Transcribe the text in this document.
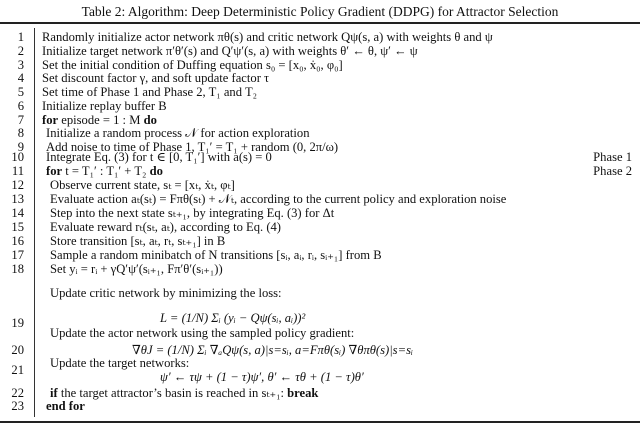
Table 2: Algorithm: Deep Deterministic Policy Gradient (DDPG) for Attractor Selection
1 Randomly initialize actor network πθ(s) and critic network Qψ(s, a) with weights θ and ψ
2 Initialize target network π′θ′(s) and Q′ψ′(s, a) with weights θ′ ← θ, ψ′ ← ψ
3 Set the initial condition of Duffing equation s₀ = [x₀, ẋ₀, φ₀]
4 Set discount factor γ, and soft update factor τ
5 Set time of Phase 1 and Phase 2, T₁ and T₂
6 Initialize replay buffer B
7 for episode = 1 : M do
8 Initialize a random process 𝒩 for action exploration
9 Add noise to time of Phase 1, T₁′ = T₁ + random (0, 2π/ω)
10 Integrate Eq. (3) for t ∈ [0, T₁′] with a(s) = 0	Phase 1
11 for t = T₁′ : T₁′ + T₂ do	Phase 2
12 Observe current state, sₜ = [xₜ, ẋₜ, φₜ]
13 Evaluate action aₜ(sₜ) = Fπθ(sₜ) + 𝒩ₜ, according to the current policy and exploration noise
14 Step into the next state sₜ₊₁, by integrating Eq. (3) for Δt
15 Evaluate reward rₜ(sₜ, aₜ), according to Eq. (4)
16 Store transition [sₜ, aₜ, rₜ, sₜ₊₁] in B
17 Sample a random minibatch of N transitions [sᵢ, aᵢ, rᵢ, sᵢ₊₁] from B
18 Set yᵢ = rᵢ + γQ′ψ′(sᵢ₊₁, Fπ′θ′(sᵢ₊₁))
19
Update critic network by minimizing the loss:
L = (1/N) Σᵢ (yᵢ − Qψ(sᵢ, aᵢ))²
20
Update the actor network using the sampled policy gradient:
∇θJ = (1/N) Σᵢ ∇ₐQψ(s, a)|s=sᵢ, a=Fπθ(sᵢ) ∇θπθ(s)|s=sᵢ
21 Update the target networks:
ψ′ ← τψ + (1 − τ)ψ′, θ′ ← τθ + (1 − τ)θ′
22 if the target attractor’s basin is reached in sₜ₊₁: break
23 end for
